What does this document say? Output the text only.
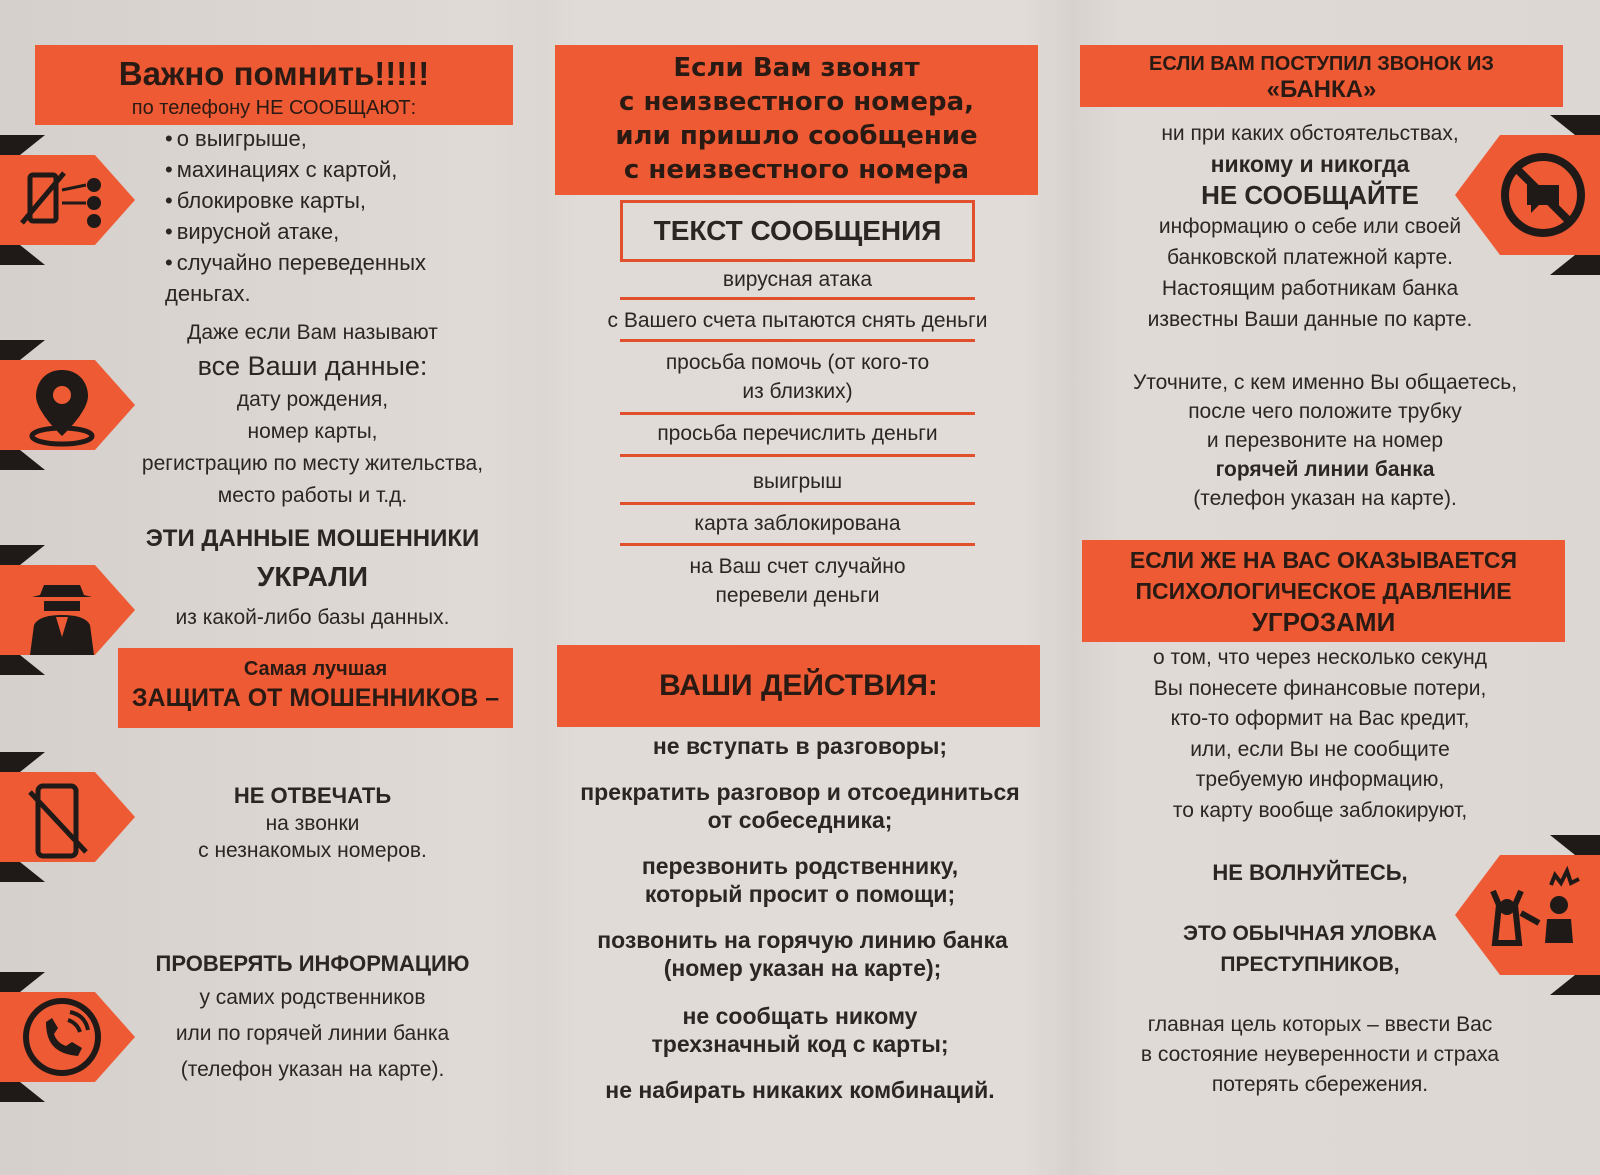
Важно помнить!!!!!
по телефону НЕ СООБЩАЮТ:
• о выигрыше,
• махинациях с картой,
• блокировке карты,
• вирусной атаке,
• случайно переведенных деньгах.
Даже если Вам называют
все Ваши данные:
дату рождения,
номер карты,
регистрацию по месту жительства,
место работы и т.д.
ЭТИ ДАННЫЕ МОШЕННИКИ
УКРАЛИ
из какой-либо базы данных.
Самая лучшая
ЗАЩИТА ОТ МОШЕННИКОВ –
НЕ ОТВЕЧАТЬ
на звонки
с незнакомых номеров.
ПРОВЕРЯТЬ ИНФОРМАЦИЮ
у самих родственников
или по горячей линии банка
(телефон указан на карте).
Если Вам звонят
с неизвестного номера,
или пришло сообщение
с неизвестного номера
ТЕКСТ СООБЩЕНИЯ
вирусная атака
с Вашего счета пытаются снять деньги
просьба помочь (от кого-то из близких)
просьба перечислить деньги
выигрыш
карта заблокирована
на Ваш счет случайно перевели деньги
ВАШИ ДЕЙСТВИЯ:
не вступать в разговоры;
прекратить разговор и отсоединиться от собеседника;
перезвонить родственнику, который просит о помощи;
позвонить на горячую линию банка (номер указан на карте);
не сообщать никому трехзначный код с карты;
не набирать никаких комбинаций.
ЕСЛИ ВАМ ПОСТУПИЛ ЗВОНОК ИЗ
«БАНКА»
ни при каких обстоятельствах,
никому и никогда
НЕ СООБЩАЙТЕ
информацию о себе или своей
банковской платежной карте.
Настоящим работникам банка
известны Ваши данные по карте.
Уточните, с кем именно Вы общаетесь,
после чего положите трубку
и перезвоните на номер
горячей линии банка
(телефон указан на карте).
ЕСЛИ ЖЕ НА ВАС ОКАЗЫВАЕТСЯ
ПСИХОЛОГИЧЕСКОЕ ДАВЛЕНИЕ
УГРОЗАМИ
о том, что через несколько секунд
Вы понесете финансовые потери,
кто-то оформит на Вас кредит,
или, если Вы не сообщите
требуемую информацию,
то карту вообще заблокируют,
НЕ ВОЛНУЙТЕСЬ,
ЭТО ОБЫЧНАЯ УЛОВКА
ПРЕСТУПНИКОВ,
главная цель которых – ввести Вас
в состояние неуверенности и страха
потерять сбережения.
